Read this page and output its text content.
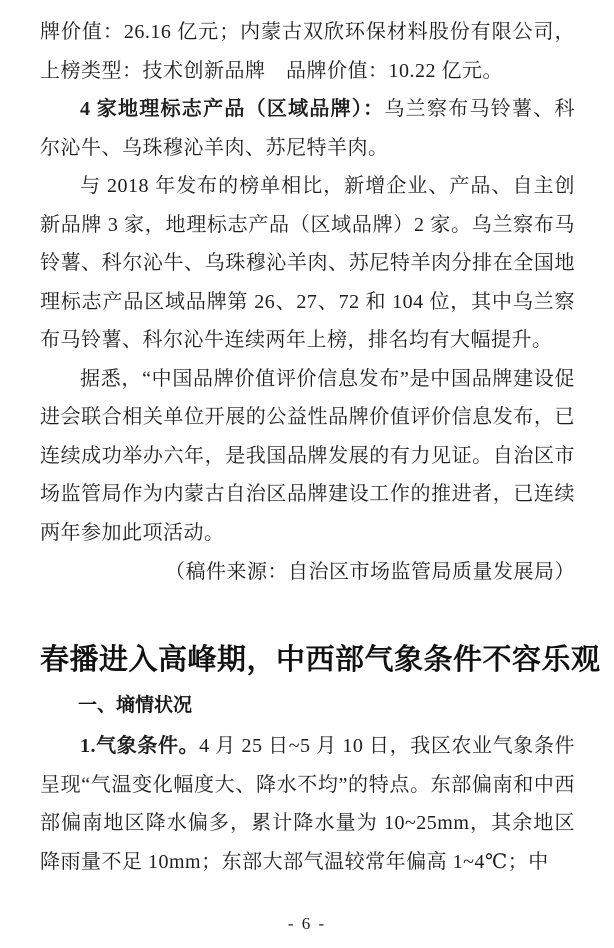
牌价值：26.16 亿元；内蒙古双欣环保材料股份有限公司，上榜类型：技术创新品牌　品牌价值：10.22 亿元。

4 家地理标志产品（区域品牌）：乌兰察布马铃薯、科尔沁牛、乌珠穆沁羊肉、苏尼特羊肉。

与 2018 年发布的榜单相比，新增企业、产品、自主创新品牌 3 家，地理标志产品（区域品牌）2 家。乌兰察布马铃薯、科尔沁牛、乌珠穆沁羊肉、苏尼特羊肉分排在全国地理标志产品区域品牌第 26、27、72 和 104 位，其中乌兰察布马铃薯、科尔沁牛连续两年上榜，排名均有大幅提升。

据悉，“中国品牌价值评价信息发布”是中国品牌建设促进会联合相关单位开展的公益性品牌价值评价信息发布，已连续成功举办六年，是我国品牌发展的有力见证。自治区市场监管局作为内蒙古自治区品牌建设工作的推进者，已连续两年参加此项活动。

（稿件来源：自治区市场监管局质量发展局）

春播进入高峰期，中西部气象条件不容乐观
一、墒情状况

1.气象条件。4 月 25 日~5 月 10 日，我区农业气象条件呈现“气温变化幅度大、降水不均”的特点。东部偏南和中西部偏南地区降水偏多，累计降水量为 10~25mm，其余地区降雨量不足 10mm；东部大部气温较常年偏高 1~4℃；中

- 6 -
